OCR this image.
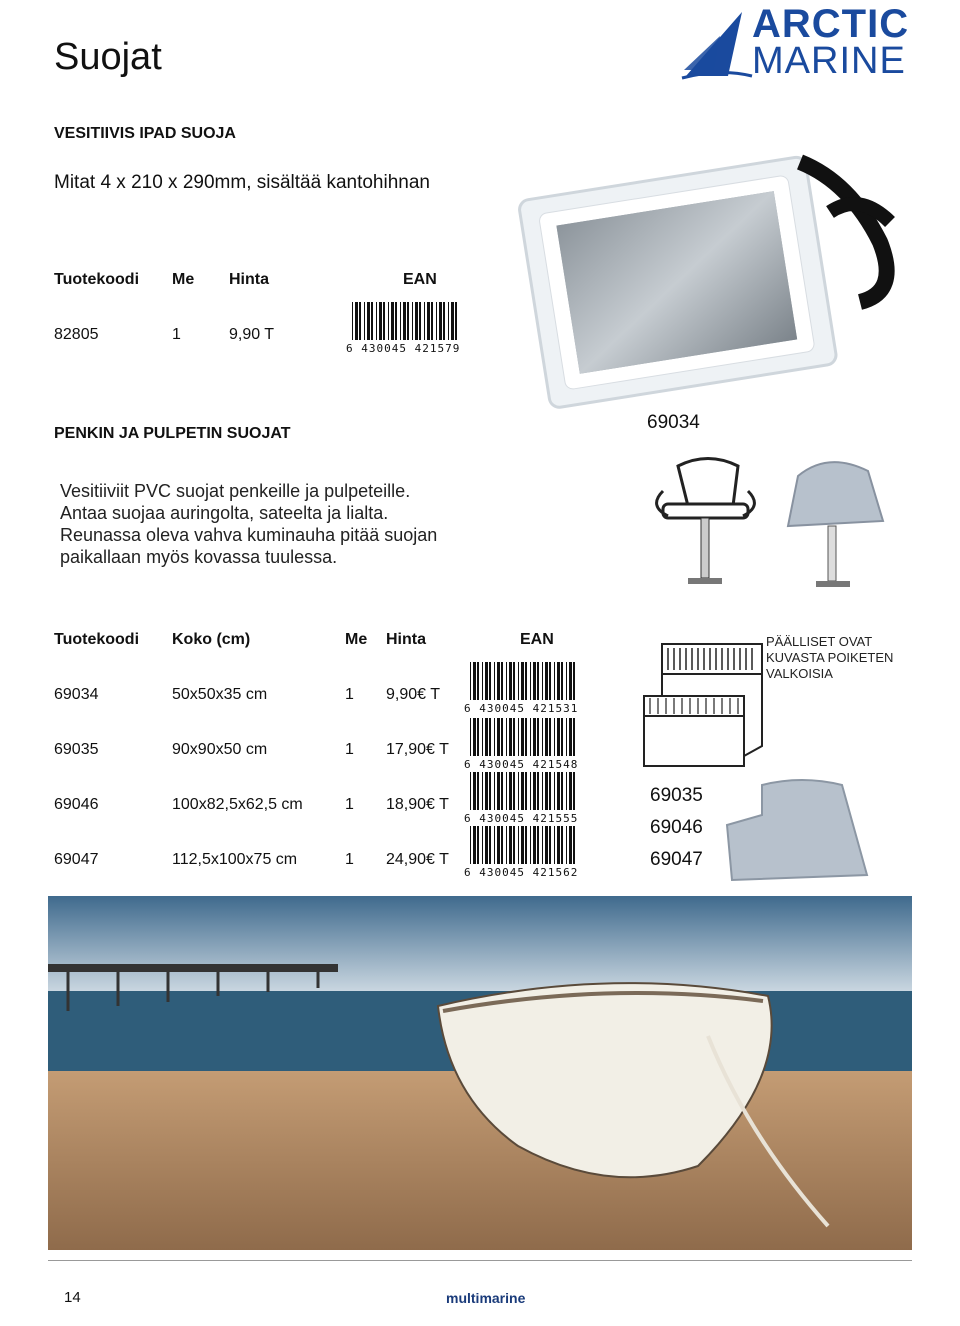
Suojat
ARCTIC
MARINE
VESITIIVIS IPAD SUOJA
Mitat 4 x 210 x 290mm, sisältää kantohihnan
Tuotekoodi Me Hinta	EAN
82805	1	9,90 T
6 430045 421579
PENKIN JA PULPETIN SUOJAT
69034
Vesitiiviit PVC suojat penkeille ja pulpeteille.
Antaa suojaa auringolta, sateelta ja lialta.
Reunassa oleva vahva kuminauha pitää suojan
paikallaan myös kovassa tuulessa.
Tuotekoodi Koko (cm)	Me Hinta	EAN
69034	50x50x35 cm	1 9,90€ T
6 430045 421531
69035	90x90x50 cm	1 17,90€ T
6 430045 421548
69046	100x82,5x62,5 cm	1 18,90€ T
6 430045 421555
69047	112,5x100x75 cm	1 24,90€ T
6 430045 421562
PÄÄLLISET OVAT
KUVASTA POIKETEN
VALKOISIA
69035
69046
69047
14	multimarine
